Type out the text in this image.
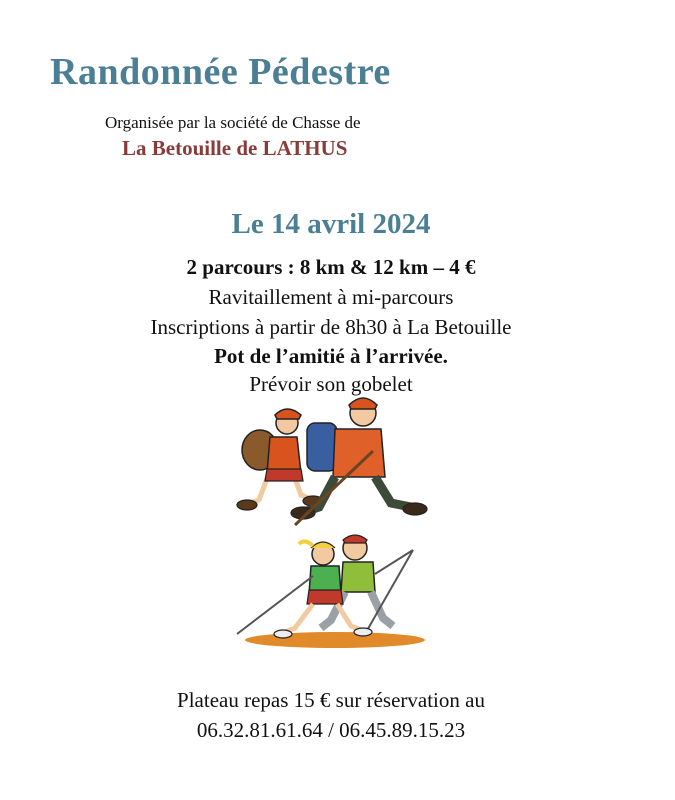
Randonnée Pédestre
Organisée par la société de Chasse de
La Betouille de LATHUS
Le 14 avril 2024
2 parcours : 8 km & 12 km – 4 €
Ravitaillement à mi-parcours
Inscriptions à partir de 8h30 à La Betouille
Pot de l’amitié à l’arrivée.
Prévoir son gobelet
Plateau repas 15 € sur réservation au
06.32.81.61.64 / 06.45.89.15.23
